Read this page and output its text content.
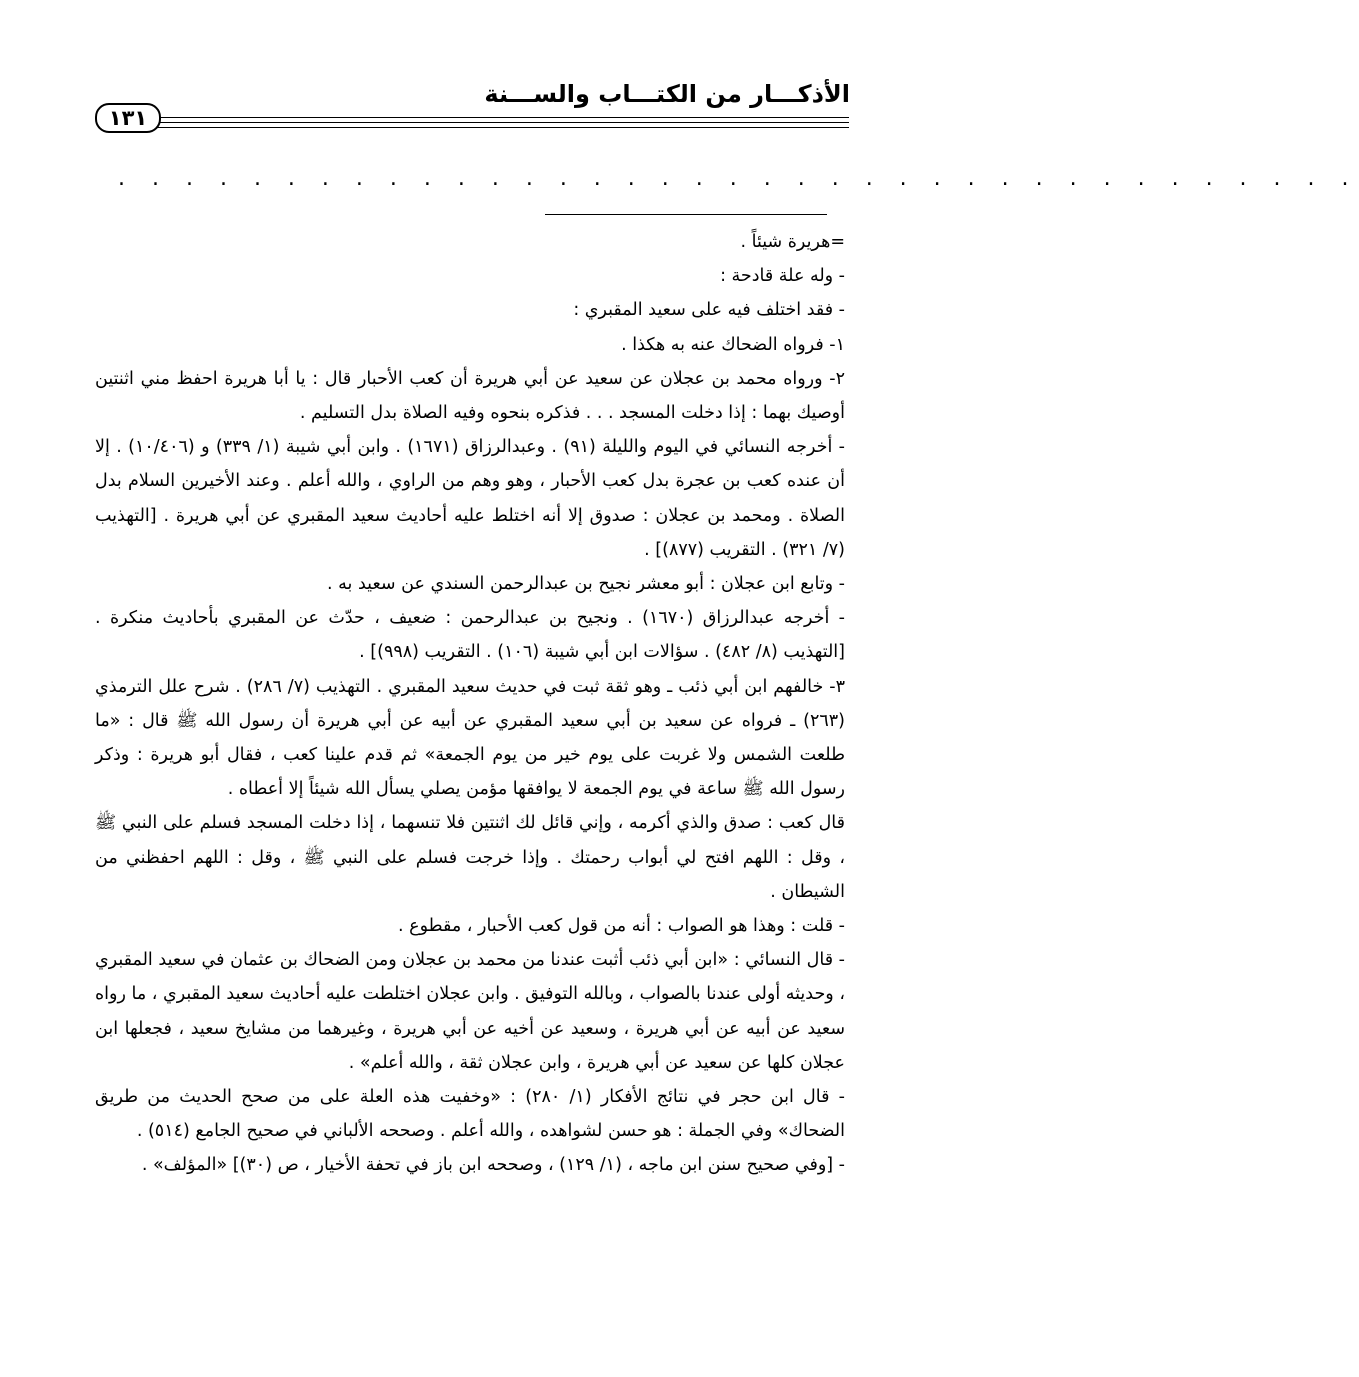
الأذكـــار من الكتـــاب والســـنة
١٣١
. . . . . . . . . . . . . . . . . . . . . . . . . . . . . . . . . . . . .

=هريرة شيئاً .

- وله علة قادحة :

- فقد اختلف فيه على سعيد المقبري :

١- فرواه الضحاك عنه به هكذا .

٢- ورواه محمد بن عجلان عن سعيد عن أبي هريرة أن كعب الأحبار قال : يا أبا هريرة احفظ مني اثنتين أوصيك بهما : إذا دخلت المسجد . . . فذكره بنحوه وفيه الصلاة بدل التسليم .

- أخرجه النسائي في اليوم والليلة (٩١) . وعبدالرزاق (١٦٧١) . وابن أبي شيبة (١/ ٣٣٩) و (١٠/٤٠٦) . إلا أن عنده كعب بن عجرة بدل كعب الأحبار ، وهو وهم من الراوي ، والله أعلم . وعند الأخيرين السلام بدل الصلاة . ومحمد بن عجلان : صدوق إلا أنه اختلط عليه أحاديث سعيد المقبري عن أبي هريرة . [التهذيب (٧/ ٣٢١) . التقريب (٨٧٧)] .

- وتابع ابن عجلان : أبو معشر نجيح بن عبدالرحمن السندي عن سعيد به .

- أخرجه عبدالرزاق (١٦٧٠) . ونجيح بن عبدالرحمن : ضعيف ، حدّث عن المقبري بأحاديث منكرة . [التهذيب (٨/ ٤٨٢) . سؤالات ابن أبي شيبة (١٠٦) . التقريب (٩٩٨)] .

٣- خالفهم ابن أبي ذئب ـ وهو ثقة ثبت في حديث سعيد المقبري . التهذيب (٧/ ٢٨٦) . شرح علل الترمذي (٢٦٣) ـ فرواه عن سعيد بن أبي سعيد المقبري عن أبيه عن أبي هريرة أن رسول الله ﷺ قال : «ما طلعت الشمس ولا غربت على يوم خير من يوم الجمعة» ثم قدم علينا كعب ، فقال أبو هريرة : وذكر رسول الله ﷺ ساعة في يوم الجمعة لا يوافقها مؤمن يصلي يسأل الله شيئاً إلا أعطاه .

قال كعب : صدق والذي أكرمه ، وإني قائل لك اثنتين فلا تنسهما ، إذا دخلت المسجد فسلم على النبي ﷺ ، وقل : اللهم افتح لي أبواب رحمتك . وإذا خرجت فسلم على النبي ﷺ ، وقل : اللهم احفظني من الشيطان .

- قلت : وهذا هو الصواب : أنه من قول كعب الأحبار ، مقطوع .

- قال النسائي : «ابن أبي ذئب أثبت عندنا من محمد بن عجلان ومن الضحاك بن عثمان في سعيد المقبري ، وحديثه أولى عندنا بالصواب ، وبالله التوفيق . وابن عجلان اختلطت عليه أحاديث سعيد المقبري ، ما رواه سعيد عن أبيه عن أبي هريرة ، وسعيد عن أخيه عن أبي هريرة ، وغيرهما من مشايخ سعيد ، فجعلها ابن عجلان كلها عن سعيد عن أبي هريرة ، وابن عجلان ثقة ، والله أعلم» .

- قال ابن حجر في نتائج الأفكار (١/ ٢٨٠) : «وخفيت هذه العلة على من صحح الحديث من طريق الضحاك» وفي الجملة : هو حسن لشواهده ، والله أعلم . وصححه الألباني في صحيح الجامع (٥١٤) .

- [وفي صحيح سنن ابن ماجه ، (١/ ١٢٩) ، وصححه ابن باز في تحفة الأخيار ، ص (٣٠)] «المؤلف» .
